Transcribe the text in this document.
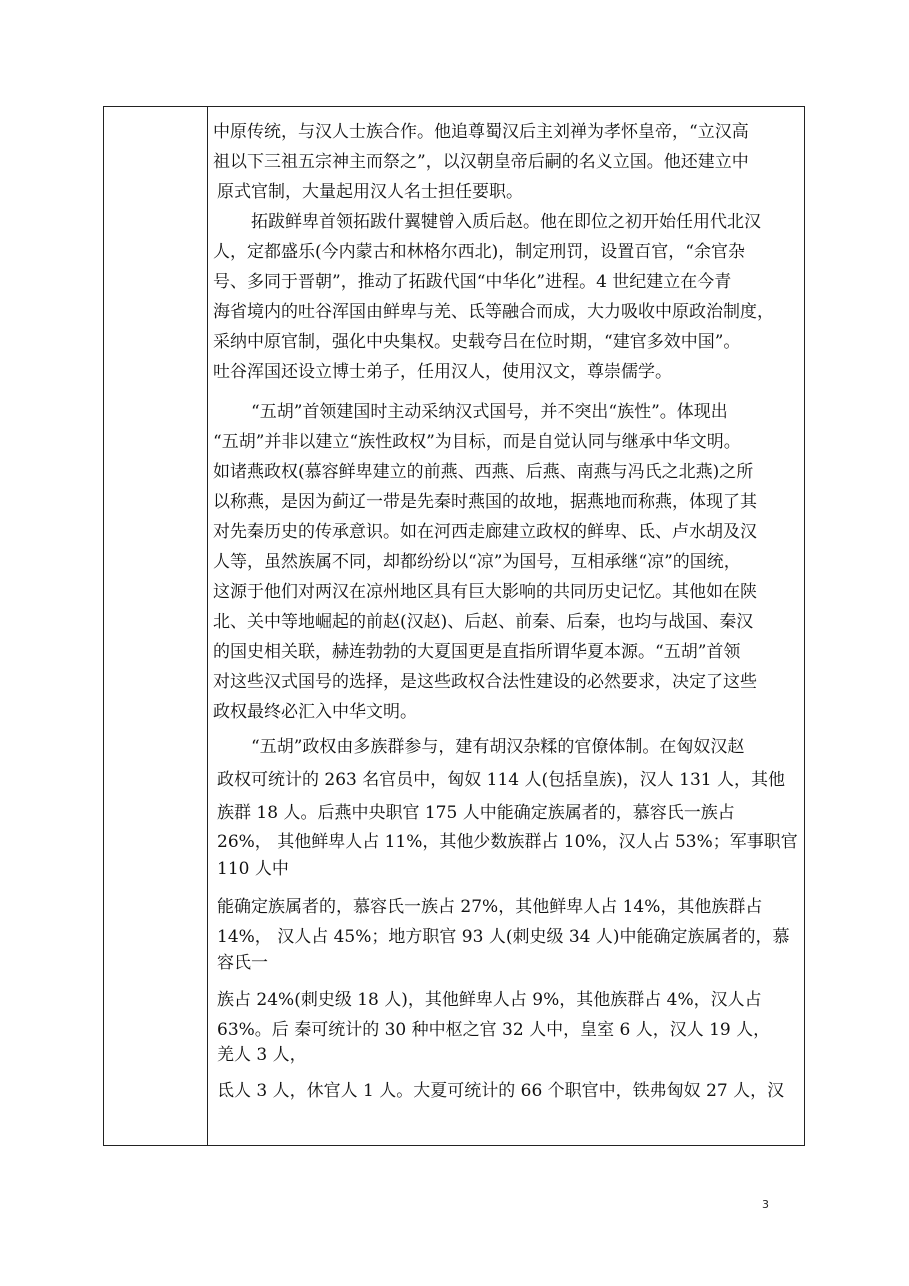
中原传统，与汉人士族合作。他追尊蜀汉后主刘禅为孝怀皇帝，“立汉高
祖以下三祖五宗神主而祭之”，以汉朝皇帝后嗣的名义立国。他还建立中
原式官制，大量起用汉人名士担任要职。
拓跋鲜卑首领拓跋什翼犍曾入质后赵。他在即位之初开始任用代北汉
人，定都盛乐(今内蒙古和林格尔西北)，制定刑罚，设置百官，“余官杂
号、多同于晋朝”，推动了拓跋代国“中华化”进程。4 世纪建立在今青
海省境内的吐谷浑国由鲜卑与羌、氐等融合而成，大力吸收中原政治制度，
采纳中原官制，强化中央集权。史载夸吕在位时期，“建官多效中国”。
吐谷浑国还设立博士弟子，任用汉人，使用汉文，尊崇儒学。
“五胡”首领建国时主动采纳汉式国号，并不突出“族性”。体现出
“五胡”并非以建立“族性政权”为目标，而是自觉认同与继承中华文明。
如诸燕政权(慕容鲜卑建立的前燕、西燕、后燕、南燕与冯氏之北燕)之所
以称燕，是因为蓟辽一带是先秦时燕国的故地，据燕地而称燕，体现了其
对先秦历史的传承意识。如在河西走廊建立政权的鲜卑、氐、卢水胡及汉
人等，虽然族属不同，却都纷纷以“凉”为国号，互相承继“凉”的国统，
这源于他们对两汉在凉州地区具有巨大影响的共同历史记忆。其他如在陕
北、关中等地崛起的前赵(汉赵)、后赵、前秦、后秦，也均与战国、秦汉
的国史相关联，赫连勃勃的大夏国更是直指所谓华夏本源。“五胡”首领
对这些汉式国号的选择，是这些政权合法性建设的必然要求，决定了这些
政权最终必汇入中华文明。
“五胡”政权由多族群参与，建有胡汉杂糅的官僚体制。在匈奴汉赵
政权可统计的 263 名官员中，匈奴 114 人(包括皇族)，汉人 131 人，其他
族群 18 人。后燕中央职官 175 人中能确定族属者的，慕容氏一族占
26%， 其他鲜卑人占 11%，其他少数族群占 10%，汉人占 53%；军事职官
110 人中
能确定族属者的，慕容氏一族占 27%，其他鲜卑人占 14%，其他族群占
14%， 汉人占 45%；地方职官 93 人(刺史级 34 人)中能确定族属者的，慕
容氏一
族占 24%(刺史级 18 人)，其他鲜卑人占 9%，其他族群占 4%，汉人占
63%。后 秦可统计的 30 种中枢之官 32 人中，皇室 6 人，汉人 19 人，
羌人 3 人，
氐人 3 人，休官人 1 人。大夏可统计的 66 个职官中，铁弗匈奴 27 人，汉
3
